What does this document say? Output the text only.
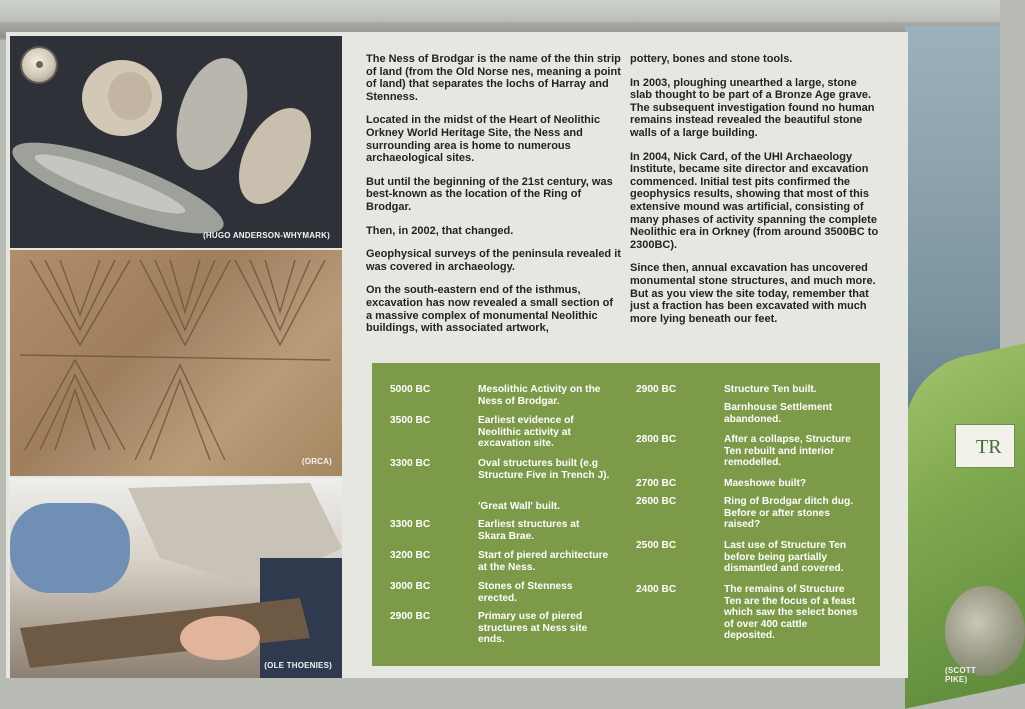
TR
(SCOTT PIKE)
(HUGO ANDERSON-WHYMARK)
(ORCA)
(OLE THOENIES)

The Ness of Brodgar is the name of the thin strip of land (from the Old Norse nes, meaning a point of land) that separates the lochs of Harray and Stenness.

Located in the midst of the Heart of Neolithic Orkney World Heritage Site, the Ness and surrounding area is home to numerous archaeological sites.

But until the beginning of the 21st century, was best-known as the location of the Ring of Brodgar.

Then, in 2002, that changed.

Geophysical surveys of the peninsula revealed it was covered in archaeology.

On the south-eastern end of the isthmus, excavation has now revealed a small section of a massive complex of monumental Neolithic buildings, with associated artwork,

pottery, bones and stone tools.

In 2003, ploughing unearthed a large, stone slab thought to be part of a Bronze Age grave. The subsequent investigation found no human remains instead revealed the beautiful stone walls of a large building.

In 2004, Nick Card, of the UHI Archaeology Institute, became site director and excavation commenced. Initial test pits confirmed the geophysics results, showing that most of this extensive mound was artificial, consisting of many phases of activity spanning the complete Neolithic era in Orkney (from around 3500BC to 2300BC).

Since then, annual excavation has uncovered monumental stone structures, and much more. But as you view the site today, remember that just a fraction has been excavated with much more lying beneath our feet.

5000 BC	Mesolithic Activity on the Ness of Brodgar.
3500 BC	Earliest evidence of Neolithic activity at excavation site.
3300 BC	Oval structures built (e.g Structure Five in Trench J).
'Great Wall' built.
3300 BC	Earliest structures at Skara Brae.
3200 BC	Start of piered architecture at the Ness.
3000 BC	Stones of Stenness erected.
2900 BC	Primary use of piered structures at Ness site ends.
2900 BC	Structure Ten built.
Barnhouse Settlement abandoned.
2800 BC	After a collapse, Structure Ten rebuilt and interior remodelled.
2700 BC	Maeshowe built?
2600 BC	Ring of Brodgar ditch dug. Before or after stones raised?
2500 BC	Last use of Structure Ten before being partially dismantled and covered.
2400 BC	The remains of Structure Ten are the focus of a feast which saw the select bones of over 400 cattle deposited.
